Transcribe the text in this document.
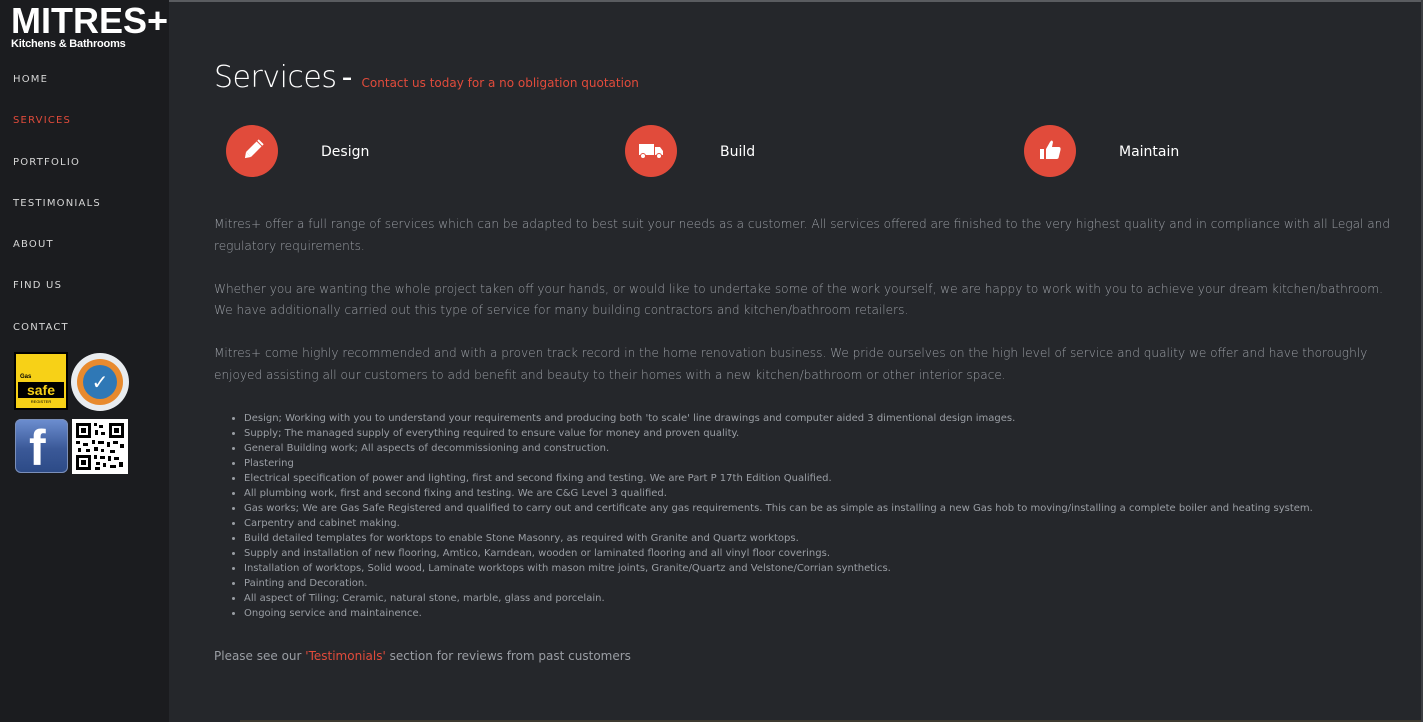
MITRES+
Kitchens & Bathrooms
HOME
SERVICES
PORTFOLIO
TESTIMONIALS
ABOUT
FIND US
CONTACT
Gas
safe
REGISTER
✓
f
Services - Contact us today for a no obligation quotation
Design	Build	Maintain

Mitres+ offer a full range of services which can be adapted to best suit your needs as a customer. All services offered are finished to the very highest quality and in compliance with all Legal and regulatory requirements.

Whether you are wanting the whole project taken off your hands, or would like to undertake some of the work yourself, we are happy to work with you to achieve your dream kitchen/bathroom. We have additionally carried out this type of service for many building contractors and kitchen/bathroom retailers.

Mitres+ come highly recommended and with a proven track record in the home renovation business. We pride ourselves on the high level of service and quality we offer and have thoroughly enjoyed assisting all our customers to add benefit and beauty to their homes with a new kitchen/bathroom or other interior space.

• Design; Working with you to understand your requirements and producing both 'to scale' line drawings and computer aided 3 dimentional design images.
• Supply; The managed supply of everything required to ensure value for money and proven quality.
• General Building work; All aspects of decommissioning and construction.
• Plastering
• Electrical specification of power and lighting, first and second fixing and testing. We are Part P 17th Edition Qualified.
• All plumbing work, first and second fixing and testing. We are C&G Level 3 qualified.
• Gas works; We are Gas Safe Registered and qualified to carry out and certificate any gas requirements. This can be as simple as installing a new Gas hob to moving/installing a complete boiler and heating system.
• Carpentry and cabinet making.
• Build detailed templates for worktops to enable Stone Masonry, as required with Granite and Quartz worktops.
• Supply and installation of new flooring, Amtico, Karndean, wooden or laminated flooring and all vinyl floor coverings.
• Installation of worktops, Solid wood, Laminate worktops with mason mitre joints, Granite/Quartz and Velstone/Corrian synthetics.
• Painting and Decoration.
• All aspect of Tiling; Ceramic, natural stone, marble, glass and porcelain.
• Ongoing service and maintainence.
Please see our 'Testimonials' section for reviews from past customers
